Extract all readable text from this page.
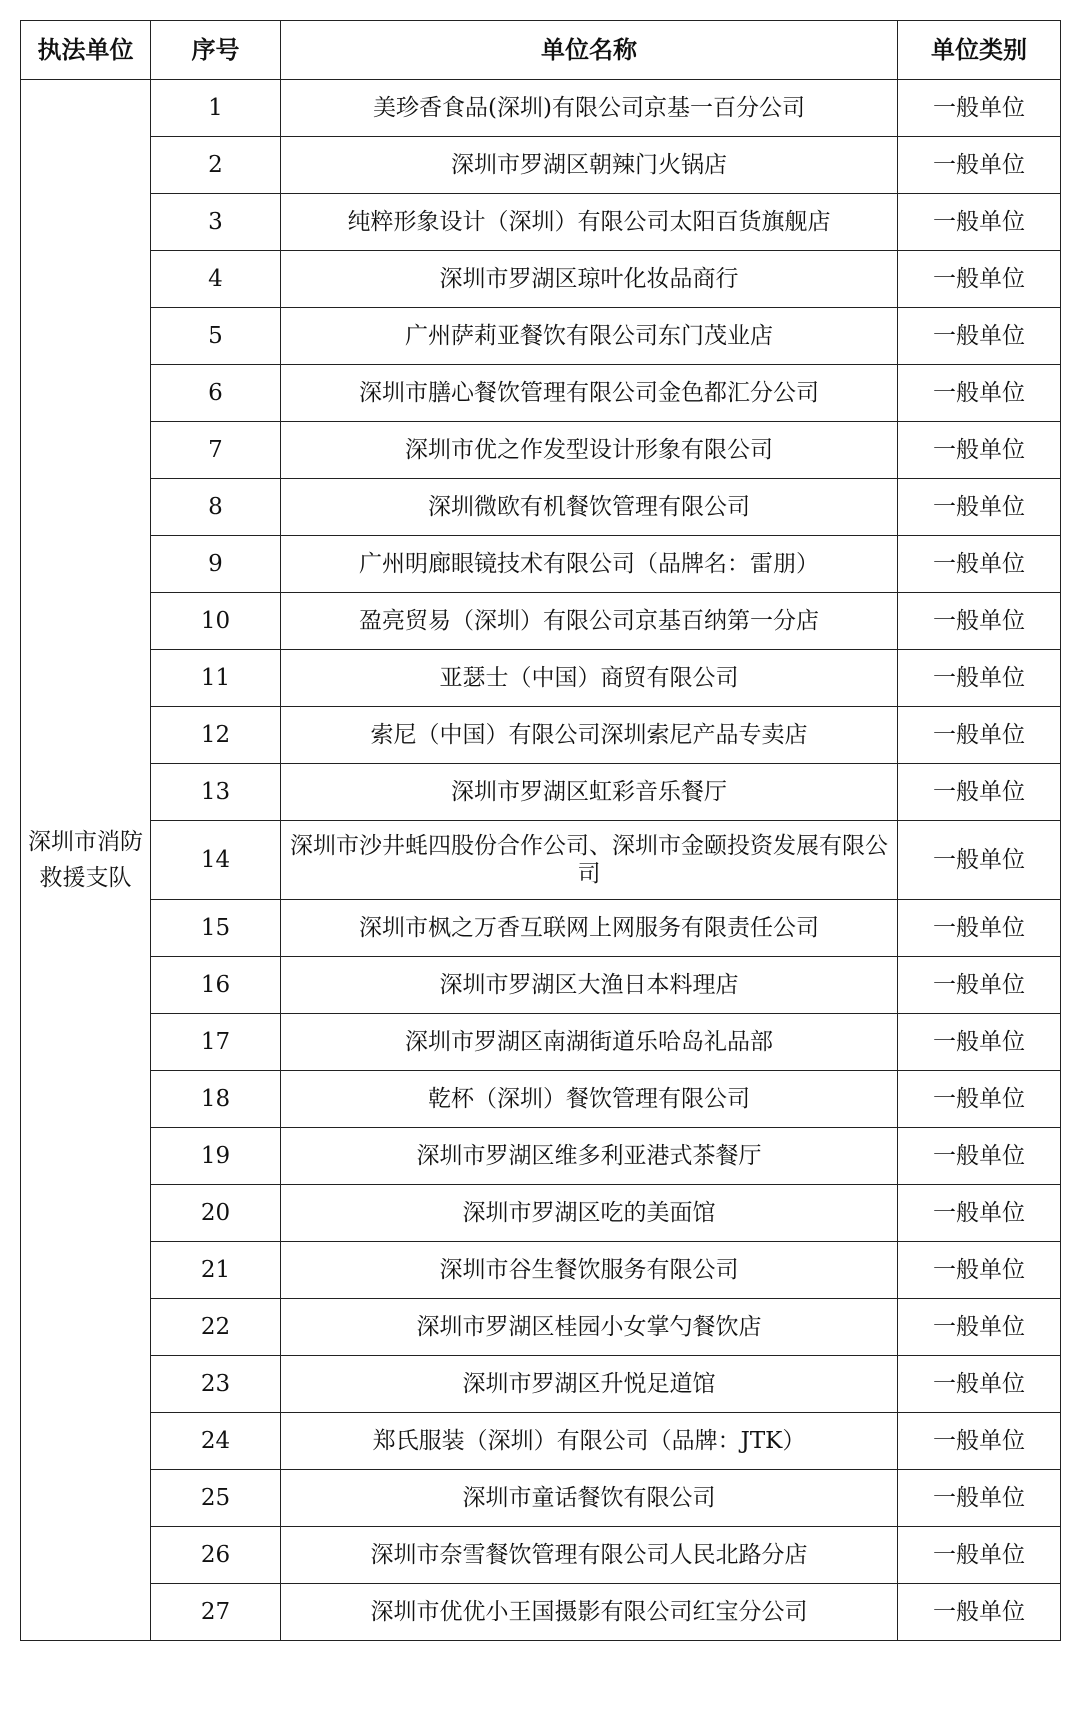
执法单位	序号	单位名称	单位类别
深圳市消防救援支队	1	美珍香食品(深圳)有限公司京基一百分公司	一般单位
	2	深圳市罗湖区朝辣门火锅店	一般单位
	3	纯粹形象设计（深圳）有限公司太阳百货旗舰店	一般单位
	4	深圳市罗湖区琼叶化妆品商行	一般单位
	5	广州萨莉亚餐饮有限公司东门茂业店	一般单位
	6	深圳市膳心餐饮管理有限公司金色都汇分公司	一般单位
	7	深圳市优之作发型设计形象有限公司	一般单位
	8	深圳微欧有机餐饮管理有限公司	一般单位
	9	广州明廊眼镜技术有限公司（品牌名：雷朋）	一般单位
	10	盈亮贸易（深圳）有限公司京基百纳第一分店	一般单位
	11	亚瑟士（中国）商贸有限公司	一般单位
	12	索尼（中国）有限公司深圳索尼产品专卖店	一般单位
	13	深圳市罗湖区虹彩音乐餐厅	一般单位
	14	深圳市沙井蚝四股份合作公司、深圳市金颐投资发展有限公司	一般单位
	15	深圳市枫之万香互联网上网服务有限责任公司	一般单位
	16	深圳市罗湖区大渔日本料理店	一般单位
	17	深圳市罗湖区南湖街道乐哈岛礼品部	一般单位
	18	乾杯（深圳）餐饮管理有限公司	一般单位
	19	深圳市罗湖区维多利亚港式茶餐厅	一般单位
	20	深圳市罗湖区吃的美面馆	一般单位
	21	深圳市谷生餐饮服务有限公司	一般单位
	22	深圳市罗湖区桂园小女掌勺餐饮店	一般单位
	23	深圳市罗湖区升悦足道馆	一般单位
	24	郑氏服装（深圳）有限公司（品牌：JTK）	一般单位
	25	深圳市童话餐饮有限公司	一般单位
	26	深圳市奈雪餐饮管理有限公司人民北路分店	一般单位
	27	深圳市优优小王国摄影有限公司红宝分公司	一般单位
